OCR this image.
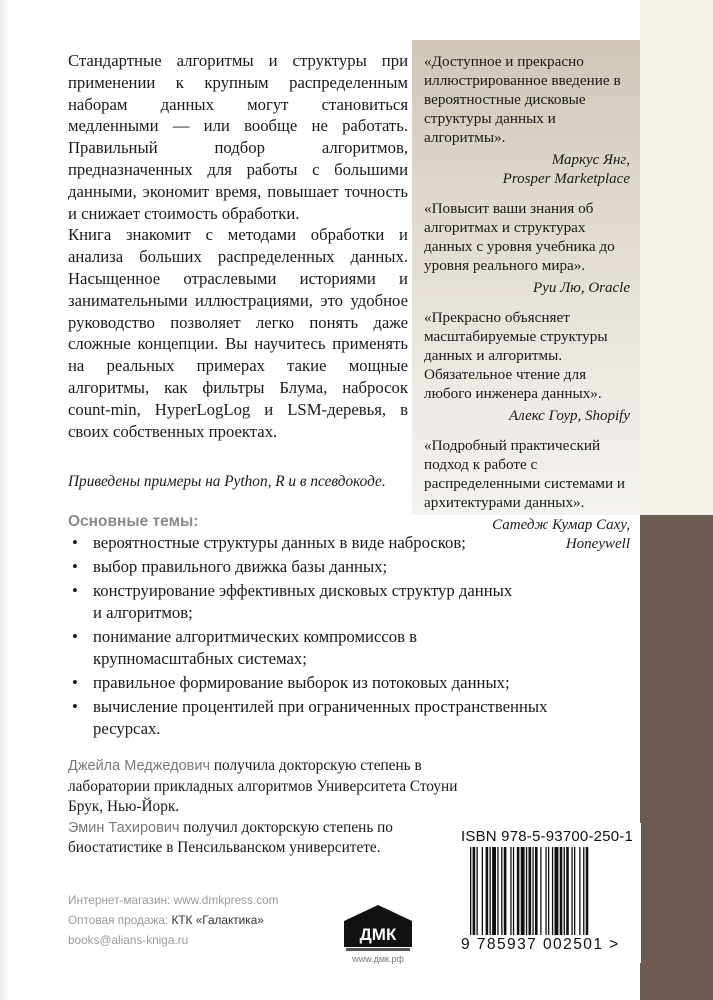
Стандартные алгоритмы и структуры при применении к крупным распределенным наборам данных могут становиться медленными — или вообще не работать. Правильный подбор алгоритмов, предназначенных для работы с большими данными, экономит время, повышает точность и снижает стоимость обработки.

Книга знакомит с методами обработки и анализа больших распределенных данных. Насыщенное отраслевыми историями и занимательными иллюстрациями, это удобное руководство позволяет легко понять даже сложные концепции. Вы научитесь применять на реальных примерах такие мощные алгоритмы, как фильтры Блума, набросок count-min, HyperLogLog и LSM-деревья, в своих собственных проектах.

Приведены примеры на Python, R и в псевдокоде.
«Доступное и прекрасно иллюстрированное введение в вероятностные дисковые структуры данных и алгоритмы».
Маркус Янг,
Prosper Marketplace
«Повысит ваши знания об алгоритмах и структурах данных с уровня учебника до уровня реального мира».
Руи Лю, Oracle
«Прекрасно объясняет масштабируемые структуры данных и алгоритмы. Обязательное чтение для любого инженера данных».
Алекс Гоур, Shopify
«Подробный практический подход к работе с распределенными системами и архитектурами данных».
Сатедж Кумар Саху,
Honeywell
Основные темы:
• вероятностные структуры данных в виде набросков;
• выбор правильного движка базы данных;
• конструирование эффективных дисковых структур данных и алгоритмов;
• понимание алгоритмических компромиссов в крупномасштабных системах;
• правильное формирование выборок из потоковых данных;
• вычисление процентилей при ограниченных пространственных ресурсах.

Джейла Меджедович получила докторскую степень в лаборатории прикладных алгоритмов Университета Стоуни Брук, Нью-Йорк.

Эмин Тахирович получил докторскую степень по биостатистике в Пенсильванском университете.

Интернет-магазин: www.dmkpress.com
Оптовая продажа: КТК «Галактика»
books@alians-kniga.ru	ДМК
www.дмк.рф
ISBN 978-5-93700-250-1
9 785937 002501 >
